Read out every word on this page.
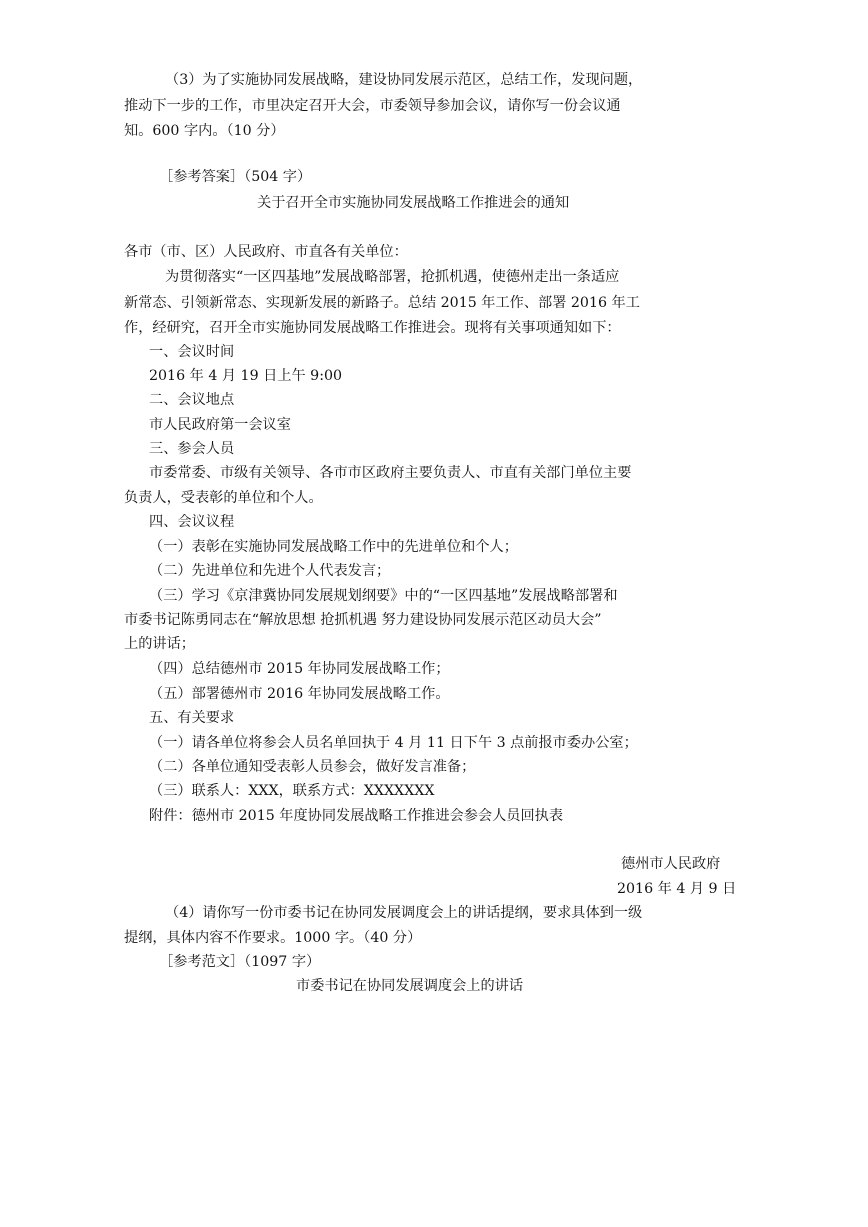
（3）为了实施协同发展战略，建设协同发展示范区，总结工作，发现问题，
推动下一步的工作，市里决定召开大会，市委领导参加会议，请你写一份会议通
知。600 字内。（10 分）
［参考答案］（504 字）
关于召开全市实施协同发展战略工作推进会的通知
各市（市、区）人民政府、市直各有关单位：
为贯彻落实“一区四基地”发展战略部署，抢抓机遇，使德州走出一条适应
新常态、引领新常态、实现新发展的新路子。总结 2015 年工作、部署 2016 年工
作，经研究，召开全市实施协同发展战略工作推进会。现将有关事项通知如下：
一、会议时间
2016 年 4 月 19 日上午 9:00
二、会议地点
市人民政府第一会议室
三、参会人员
市委常委、市级有关领导、各市市区政府主要负责人、市直有关部门单位主要
负责人，受表彰的单位和个人。
四、会议议程
（一）表彰在实施协同发展战略工作中的先进单位和个人；
（二）先进单位和先进个人代表发言；
（三）学习《京津冀协同发展规划纲要》中的“一区四基地”发展战略部署和
市委书记陈勇同志在“解放思想 抢抓机遇 努力建设协同发展示范区动员大会”
上的讲话；
（四）总结德州市 2015 年协同发展战略工作；
（五）部署德州市 2016 年协同发展战略工作。
五、有关要求
（一）请各单位将参会人员名单回执于 4 月 11 日下午 3 点前报市委办公室；
（二）各单位通知受表彰人员参会，做好发言准备；
（三）联系人：XXX，联系方式：XXXXXXX
附件：德州市 2015 年度协同发展战略工作推进会参会人员回执表
德州市人民政府
2016 年 4 月 9 日
（4）请你写一份市委书记在协同发展调度会上的讲话提纲，要求具体到一级
提纲，具体内容不作要求。1000 字。（40 分）
［参考范文］（1097 字）
市委书记在协同发展调度会上的讲话
